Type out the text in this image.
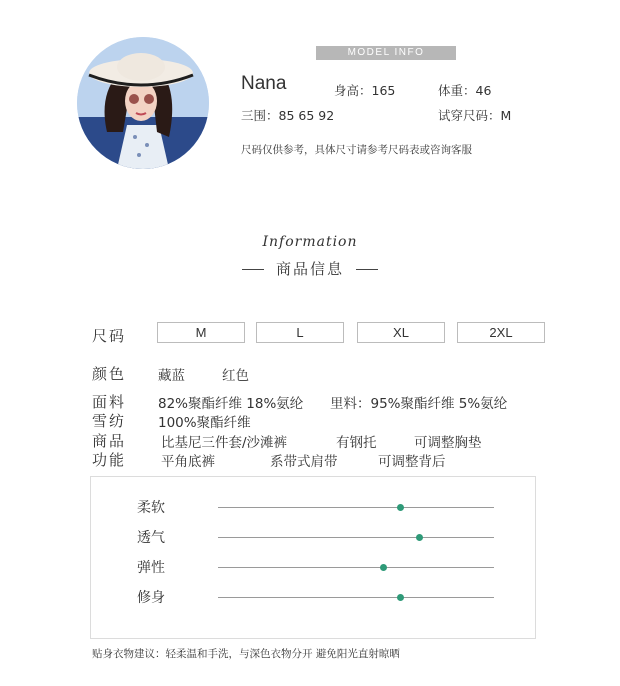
MODEL INFO
Nana	身高：165	体重：46
三围：85 65 92	试穿尺码：M
尺码仅供参考，具体尺寸请参考尺码表或咨询客服
Information
商品信息
尺码	M	L	XL	2XL
颜色 藏蓝	红色
面料 82%聚酯纤维 18%氨纶 里料：95%聚酯纤维 5%氨纶
雪纺 100%聚酯纤维
商品	比基尼三件套/沙滩裤	有钢托	可调整胸垫
功能	平角底裤	系带式肩带	可调整背后
柔软
透气
弹性
修身
贴身衣物建议：轻柔温和手洗，与深色衣物分开 避免阳光直射晾晒
